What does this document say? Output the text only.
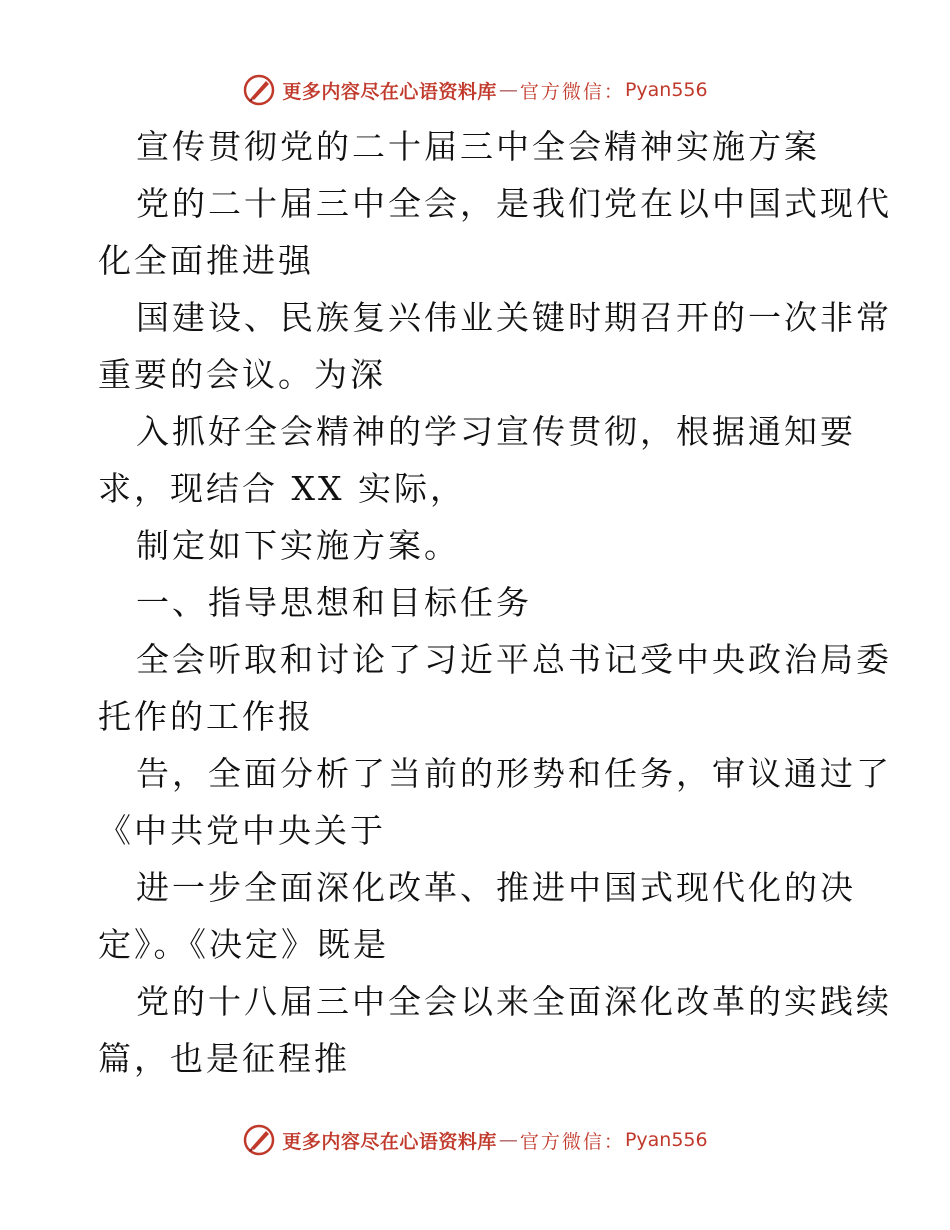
更多内容尽在心语资料库 — 官方微信： Pyan556
宣传贯彻党的二十届三中全会精神实施方案
党的二十届三中全会，是我们党在以中国式现代
化全面推进强
国建设、民族复兴伟业关键时期召开的一次非常
重要的会议。为深
入抓好全会精神的学习宣传贯彻，根据通知要
求，现结合 XX 实际，
制定如下实施方案。
一、指导思想和目标任务
全会听取和讨论了习近平总书记受中央政治局委
托作的工作报
告，全面分析了当前的形势和任务，审议通过了
《中共党中央关于
进一步全面深化改革、推进中国式现代化的决
定》。《决定》既是
党的十八届三中全会以来全面深化改革的实践续
篇，也是征程推
更多内容尽在心语资料库 — 官方微信： Pyan556
